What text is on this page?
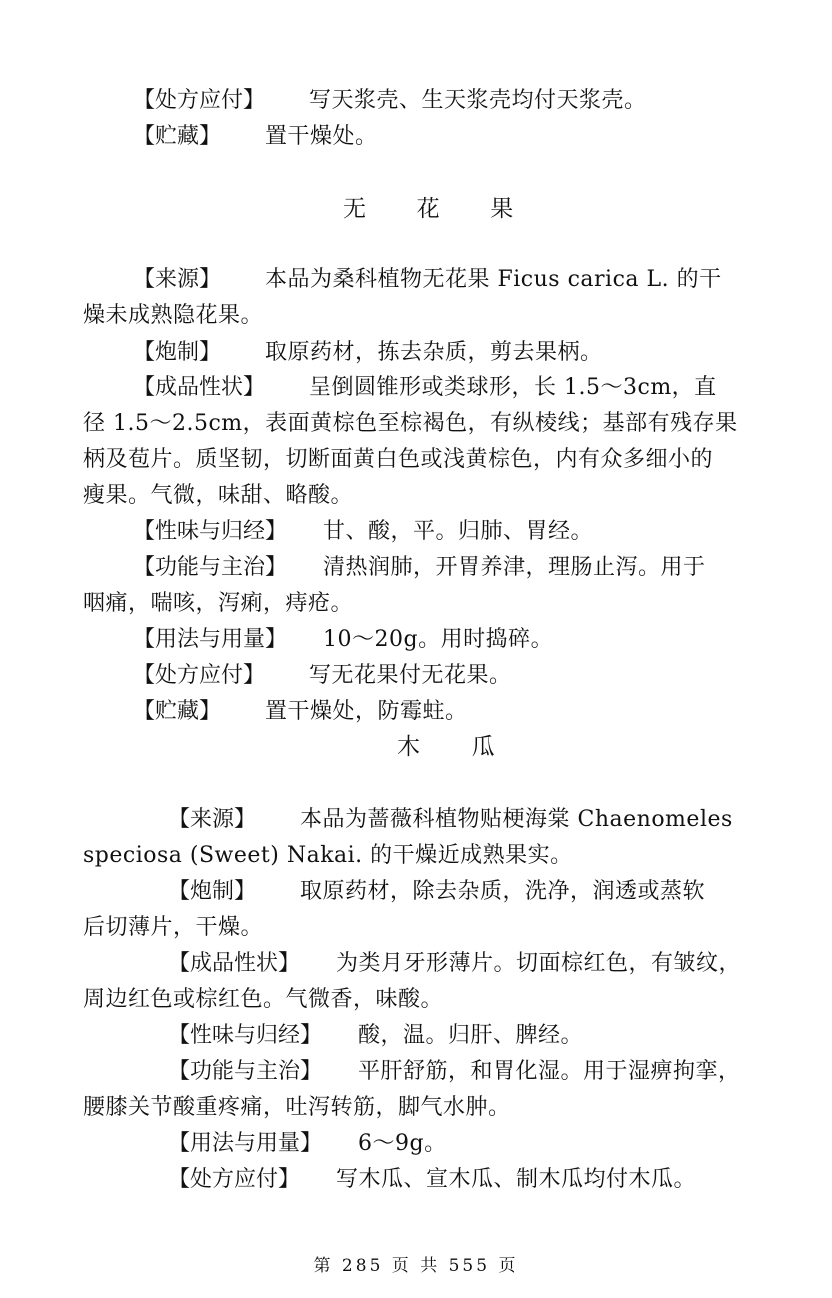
【处方应付】 写天浆壳、生天浆壳均付天浆壳。
【贮藏】 置干燥处。
无 花 果
【来源】 本品为桑科植物无花果 Ficus carica L. 的干
燥未成熟隐花果。
【炮制】 取原药材，拣去杂质，剪去果柄。
【成品性状】 呈倒圆锥形或类球形，长 1.5～3cm，直
径 1.5～2.5cm，表面黄棕色至棕褐色，有纵棱线；基部有残存果
柄及苞片。质坚韧，切断面黄白色或浅黄棕色，内有众多细小的
瘦果。气微，味甜、略酸。
【性味与归经】 甘、酸，平。归肺、胃经。
【功能与主治】 清热润肺，开胃养津，理肠止泻。用于
咽痛，喘咳，泻痢，痔疮。
【用法与用量】 10～20g。用时捣碎。
【处方应付】 写无花果付无花果。
【贮藏】 置干燥处，防霉蛀。
木 瓜
【来源】 本品为蔷薇科植物贴梗海棠 Chaenomeles
speciosa (Sweet) Nakai. 的干燥近成熟果实。
【炮制】 取原药材，除去杂质，洗净，润透或蒸软
后切薄片，干燥。
【成品性状】 为类月牙形薄片。切面棕红色，有皱纹，
周边红色或棕红色。气微香，味酸。
【性味与归经】 酸，温。归肝、脾经。
【功能与主治】 平肝舒筋，和胃化湿。用于湿痹拘挛，
腰膝关节酸重疼痛，吐泻转筋，脚气水肿。
【用法与用量】 6～9g。
【处方应付】 写木瓜、宣木瓜、制木瓜均付木瓜。
第 285 页 共 555 页
